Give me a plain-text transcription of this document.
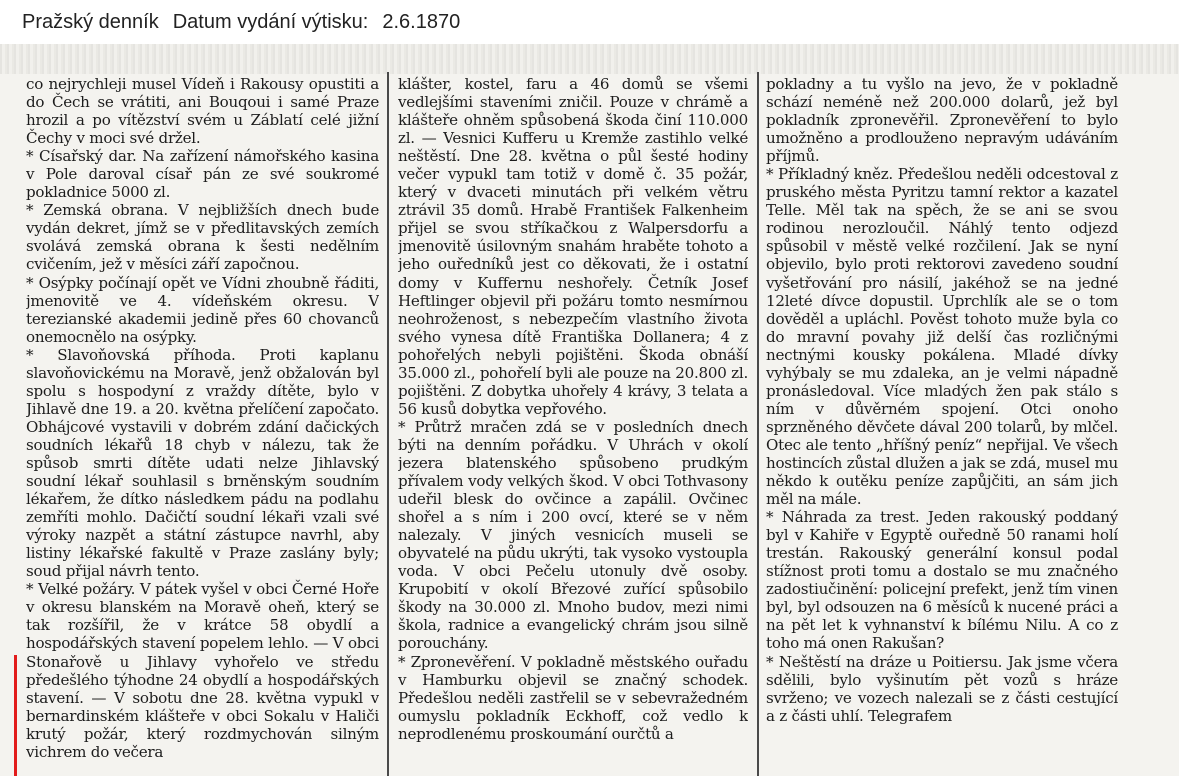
Pražský denník Datum vydání výtisku: 2.6.1870

co nejrychleji musel Vídeň i Rakousy opustiti a do Čech se vrátiti, ani Bouqoui i samé Praze hrozil a po vítězství svém u Záblatí celé jižní Čechy v moci své držel.

* Císařský dar. Na zařízení námořského kasina v Pole daroval císař pán ze své soukromé pokladnice 5000 zl.

* Zemská obrana. V nejbližších dnech bude vydán dekret, jímž se v předlitavských zemích svolává zemská obrana k šesti nedělním cvičením, jež v měsíci září započnou.

* Osýpky počínají opět ve Vídni zhoubně řáditi, jmenovitě ve 4. vídeňském okresu. V terezianské akademii jedině přes 60 chovanců onemocnělo na osýpky.

* Slavoňovská příhoda. Proti kaplanu slavoňovickému na Moravě, jenž obžalován byl spolu s hospodyní z vraždy dítěte, bylo v Jihlavě dne 19. a 20. května přelíčení započato. Obhájcové vystavili v dobrém zdání dačických soudních lékařů 18 chyb v nálezu, tak že spůsob smrti dítěte udati nelze Jihlavský soudní lékař souhlasil s brněnským soudním lékařem, že dítko následkem pádu na podlahu zemříti mohlo. Dačičtí soudní lékaři vzali své výroky nazpět a státní zástupce navrhl, aby listiny lékařské fakultě v Praze zaslány byly; soud přijal návrh tento.

* Velké požáry. V pátek vyšel v obci Černé Hoře v okresu blanském na Moravě oheň, který se tak rozšířil, že v krátce 58 obydlí a hospodářských stavení popelem lehlo. — V obci Stonařově u Jihlavy vyhořelo ve středu předešlého týhodne 24 obydlí a hospodářských stavení. — V sobotu dne 28. května vypukl v bernardinském klášteře v obci Sokalu v Haliči krutý požár, který rozdmychován silným vichrem do večera

klášter, kostel, faru a 46 domů se všemi vedlejšími staveními zničil. Pouze v chrámě a klášteře ohněm spůsobená škoda činí 110.000 zl. — Vesnici Kufferu u Kremže zastihlo velké neštěstí. Dne 28. května o půl šesté hodiny večer vypukl tam totiž v domě č. 35 požár, který v dvaceti minutách při velkém větru ztrávil 35 domů. Hrabě František Falkenheim přijel se svou stříkačkou z Walpersdorfu a jmenovitě úsilovným snahám hraběte tohoto a jeho ouředníků jest co děkovati, že i ostatní domy v Kuffernu neshořely. Četník Josef Heftlinger objevil při požáru tomto nesmírnou neohroženost, s nebezpečím vlastního života svého vynesa dítě Františka Dollanera; 4 z pohořelých nebyli pojištěni. Škoda obnáší 35.000 zl., pohořelí byli ale pouze na 20.800 zl. pojištěni. Z dobytka uhořely 4 krávy, 3 telata a 56 kusů dobytka vepřového.

* Průtrž mračen zdá se v posledních dnech býti na denním pořádku. V Uhrách v okolí jezera blatenského spůsobeno prudkým přívalem vody velkých škod. V obci Tothvasony udeřil blesk do ovčince a zapálil. Ovčinec shořel a s ním i 200 ovcí, které se v něm nalezaly. V jiných vesnicích museli se obyvatelé na půdu ukrýti, tak vysoko vystoupla voda. V obci Pečelu utonuly dvě osoby. Krupobití v okolí Březové zuřící spůsobilo škody na 30.000 zl. Mnoho budov, mezi nimi škola, radnice a evangelický chrám jsou silně porouchány.

* Zpronevěření. V pokladně městského ouřadu v Hamburku objevil se značný schodek. Předešlou neděli zastřelil se v sebevražedném oumyslu pokladník Eckhoff, což vedlo k neprodlenému proskoumání ourčtů a

pokladny a tu vyšlo na jevo, že v pokladně schází neméně než 200.000 dolarů, jež byl pokladník zpronevěřil. Zpronevěření to bylo umožněno a prodlouženo nepravým udáváním příjmů.

* Příkladný kněz. Předešlou neděli odcestoval z pruského města Pyritzu tamní rektor a kazatel Telle. Měl tak na spěch, že se ani se svou rodinou nerozloučil. Náhlý tento odjezd spůsobil v městě velké rozčilení. Jak se nyní objevilo, bylo proti rektorovi zavedeno soudní vyšetřování pro násilí, jakéhož se na jedné 12leté dívce dopustil. Uprchlík ale se o tom dověděl a upláchl. Pověst tohoto muže byla co do mravní povahy již delší čas rozličnými nectnými kousky pokálena. Mladé dívky vyhýbaly se mu zdaleka, an je velmi nápadně pronásledoval. Více mladých žen pak stálo s ním v důvěrném spojení. Otci onoho sprzněného děvčete dával 200 tolarů, by mlčel. Otec ale tento „hříšný peníz“ nepřijal. Ve všech hostincích zůstal dlužen a jak se zdá, musel mu někdo k outěku peníze zapůjčiti, an sám jich měl na mále.

* Náhrada za trest. Jeden rakouský poddaný byl v Kahiře v Egyptě ouředně 50 ranami holí trestán. Rakouský generální konsul podal stížnost proti tomu a dostalo se mu značného zadostiučinění: policejní prefekt, jenž tím vinen byl, byl odsouzen na 6 měsíců k nucené práci a na pět let k vyhnanství k bílému Nilu. A co z toho má onen Rakušan?

* Neštěstí na dráze u Poitiersu. Jak jsme včera sdělili, bylo vyšinutím pět vozů s hráze svrženo; ve vozech nalezali se z části cestující a z části uhlí. Telegrafem
